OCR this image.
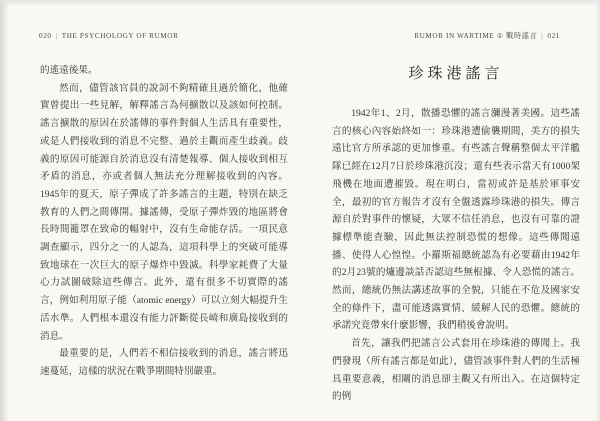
020 | THE PSYCHOLOGY OF RUMOR	RUMOR IN WARTIME ① 戰時謠言 | 021

的遙遠後果。

然而，儘管該官員的說詞不夠精確且過於簡化，他確實曾提出一些見解，解釋謠言為何擴散以及該如何控制。謠言擴散的原因在於謠傳的事件對個人生活具有重要性，或是人們接收到的消息不完整、過於主觀而產生歧義。歧義的原因可能源自於消息沒有清楚報導、個人接收到相互矛盾的消息，亦或者個人無法充分理解接收到的內容。1945年的夏天，原子彈成了許多謠言的主題，特別在缺乏教育的人們之間傳開。據謠傳，受原子彈炸毀的地區將會長時間籠罩在致命的輻射中，沒有生命能存活。一項民意調查顯示，四分之一的人認為，這項科學上的突破可能導致地球在一次巨大的原子爆炸中毀滅。科學家耗費了大量心力試圖破除這些傳言。此外，還有很多不切實際的謠言，例如利用原子能（atomic energy）可以立刻大幅提升生活水準。人們根本還沒有能力評斷從長崎和廣島接收到的消息。

最重要的是，人們若不相信接收到的消息，謠言將迅速蔓延，這樣的狀況在戰爭期間特別嚴重。

珍珠港謠言

1942年1、2月，散播恐懼的謠言瀰漫著美國。這些謠言的核心內容始終如一：珍珠港遭偷襲期間，美方的損失遠比官方所承認的更加慘重。有些謠言聲稱整個太平洋艦隊已經在12月7日於珍珠港沉沒；還有些表示當天有1000架飛機在地面遭摧毀。現在明白，當初或許是基於軍事安全，最初的官方報告才沒有全盤透露珍珠港的損失。傳言源自於對事件的懷疑，大眾不信任消息，也沒有可靠的證據標準能查驗，因此無法控制恐慌的想像。這些傳聞遠播、使得人心惶惶。小羅斯福總統認為有必要藉由1942年的2月23號的爐邊談話否認這些無根據、令人恐慌的謠言。然而，總統仍無法講述故事的全貌，只能在不危及國家安全的條件下，盡可能透露實情、緩解人民的恐懼。總統的承諾究竟帶來什麼影響，我們稍後會說明。

首先，讓我們把謠言公式套用在珍珠港的傳聞上。我們發現（所有謠言都是如此），儘管該事件對人們的生活極具重要意義，相關的消息卻主觀又有所出入。在這個特定的例
